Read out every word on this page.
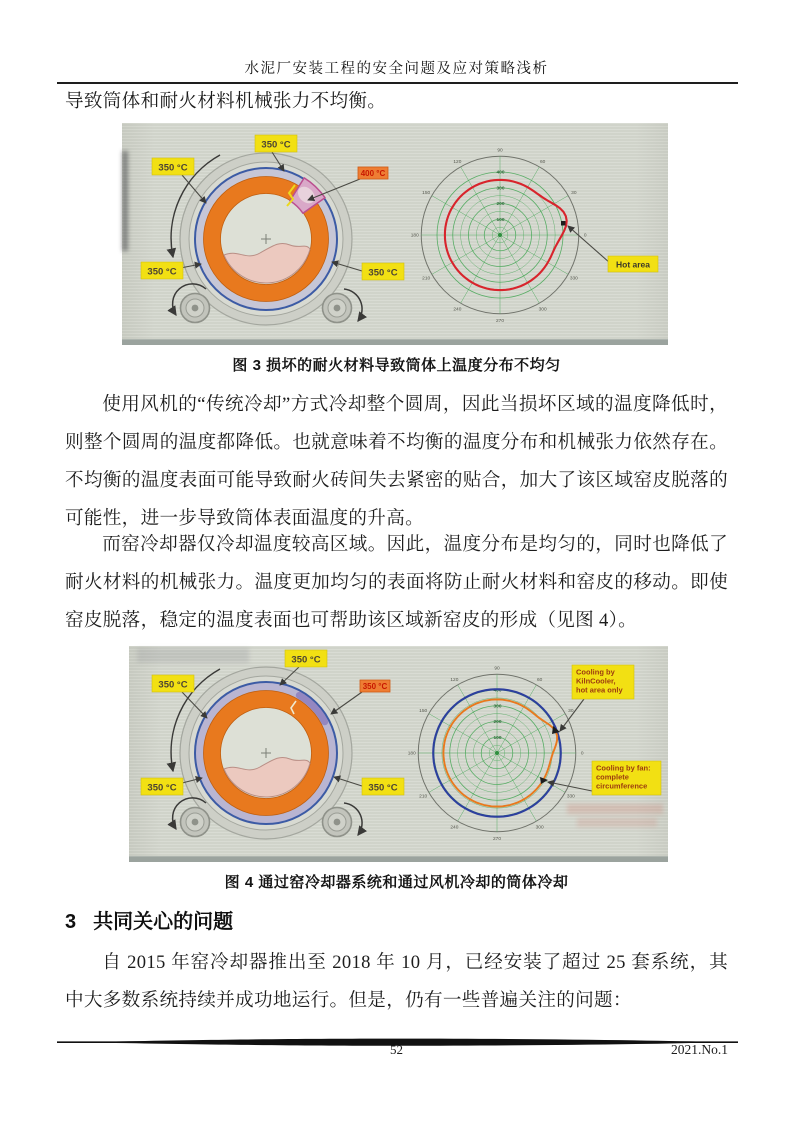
水泥厂安装工程的安全问题及应对策略浅析
导致筒体和耐火材料机械张力不均衡。
350 °C
350 °C
350 °C	350 °C
400 °C
0
30
60
90
120
150
180
210
240
270
300
330
100
200
300
400
Hot area
图 3 损坏的耐火材料导致筒体上温度分布不均匀
使用风机的“传统冷却”方式冷却整个圆周，因此当损坏区域的温度降低时，则整个圆周的温度都降低。也就意味着不均衡的温度分布和机械张力依然存在。不均衡的温度表面可能导致耐火砖间失去紧密的贴合，加大了该区域窑皮脱落的可能性，进一步导致筒体表面温度的升高。
而窑冷却器仅冷却温度较高区域。因此，温度分布是均匀的，同时也降低了耐火材料的机械张力。温度更加均匀的表面将防止耐火材料和窑皮的移动。即使窑皮脱落，稳定的温度表面也可帮助该区域新窑皮的形成（见图 4）。
350 °C
350 °C
350 °C	350 °C
350 °C
0
30
60
90
120
150
180
210
240
270
300
330
100
200
300
400
Cooling by
KilnCooler,
hot area only
Cooling by fan:
complete
circumference
图 4 通过窑冷却器系统和通过风机冷却的筒体冷却
3 共同关心的问题
自 2015 年窑冷却器推出至 2018 年 10 月，已经安装了超过 25 套系统，其中大多数系统持续并成功地运行。但是，仍有一些普遍关注的问题：
52	2021.No.1
